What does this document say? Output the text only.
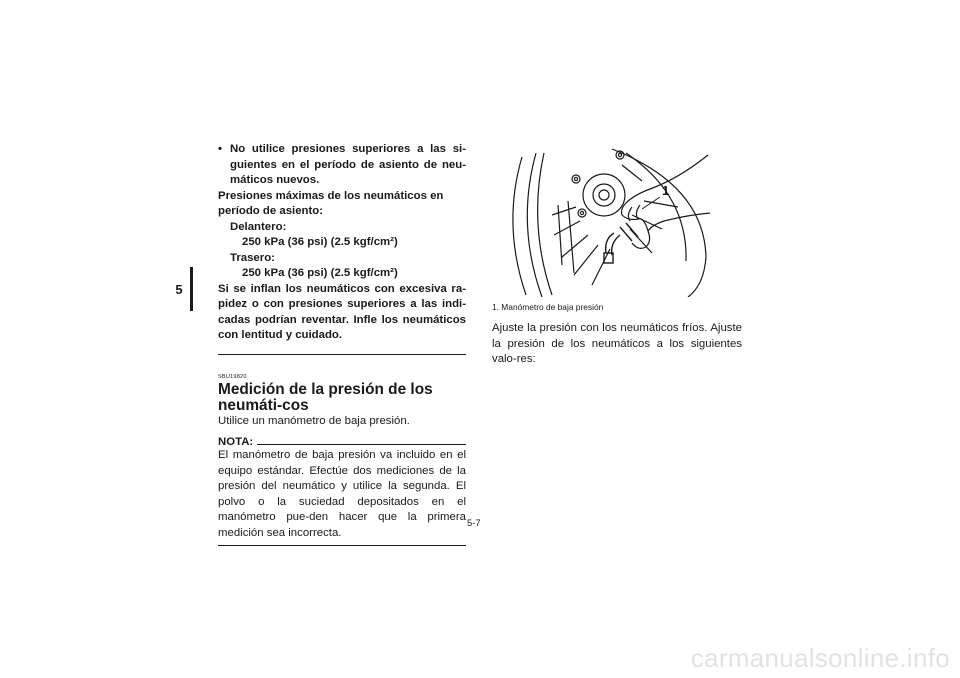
5
• No utilice presiones superiores a las si-guientes en el período de asiento de neu-máticos nuevos.
Presiones máximas de los neumáticos en
período de asiento:
Delantero:
250 kPa (36 psi) (2.5 kgf/cm²)
Trasero:
250 kPa (36 psi) (2.5 kgf/cm²)
Si se inflan los neumáticos con excesiva ra-pidez o con presiones superiores a las indi-cadas podrían reventar. Infle los neumáticos con lentitud y cuidado.
SBU19820
Medición de la presión de los neumáti-cos
Utilice un manómetro de baja presión.
NOTA:
El manómetro de baja presión va incluido en el equipo estándar. Efectúe dos mediciones de la presión del neumático y utilice la segunda. El polvo o la suciedad depositados en el manómetro pue-den hacer que la primera medición sea incorrecta.
1
1. Manómetro de baja presión
Ajuste la presión con los neumáticos fríos. Ajuste la presión de los neumáticos a los siguientes valo-res:
5-7
carmanualsonline.info
